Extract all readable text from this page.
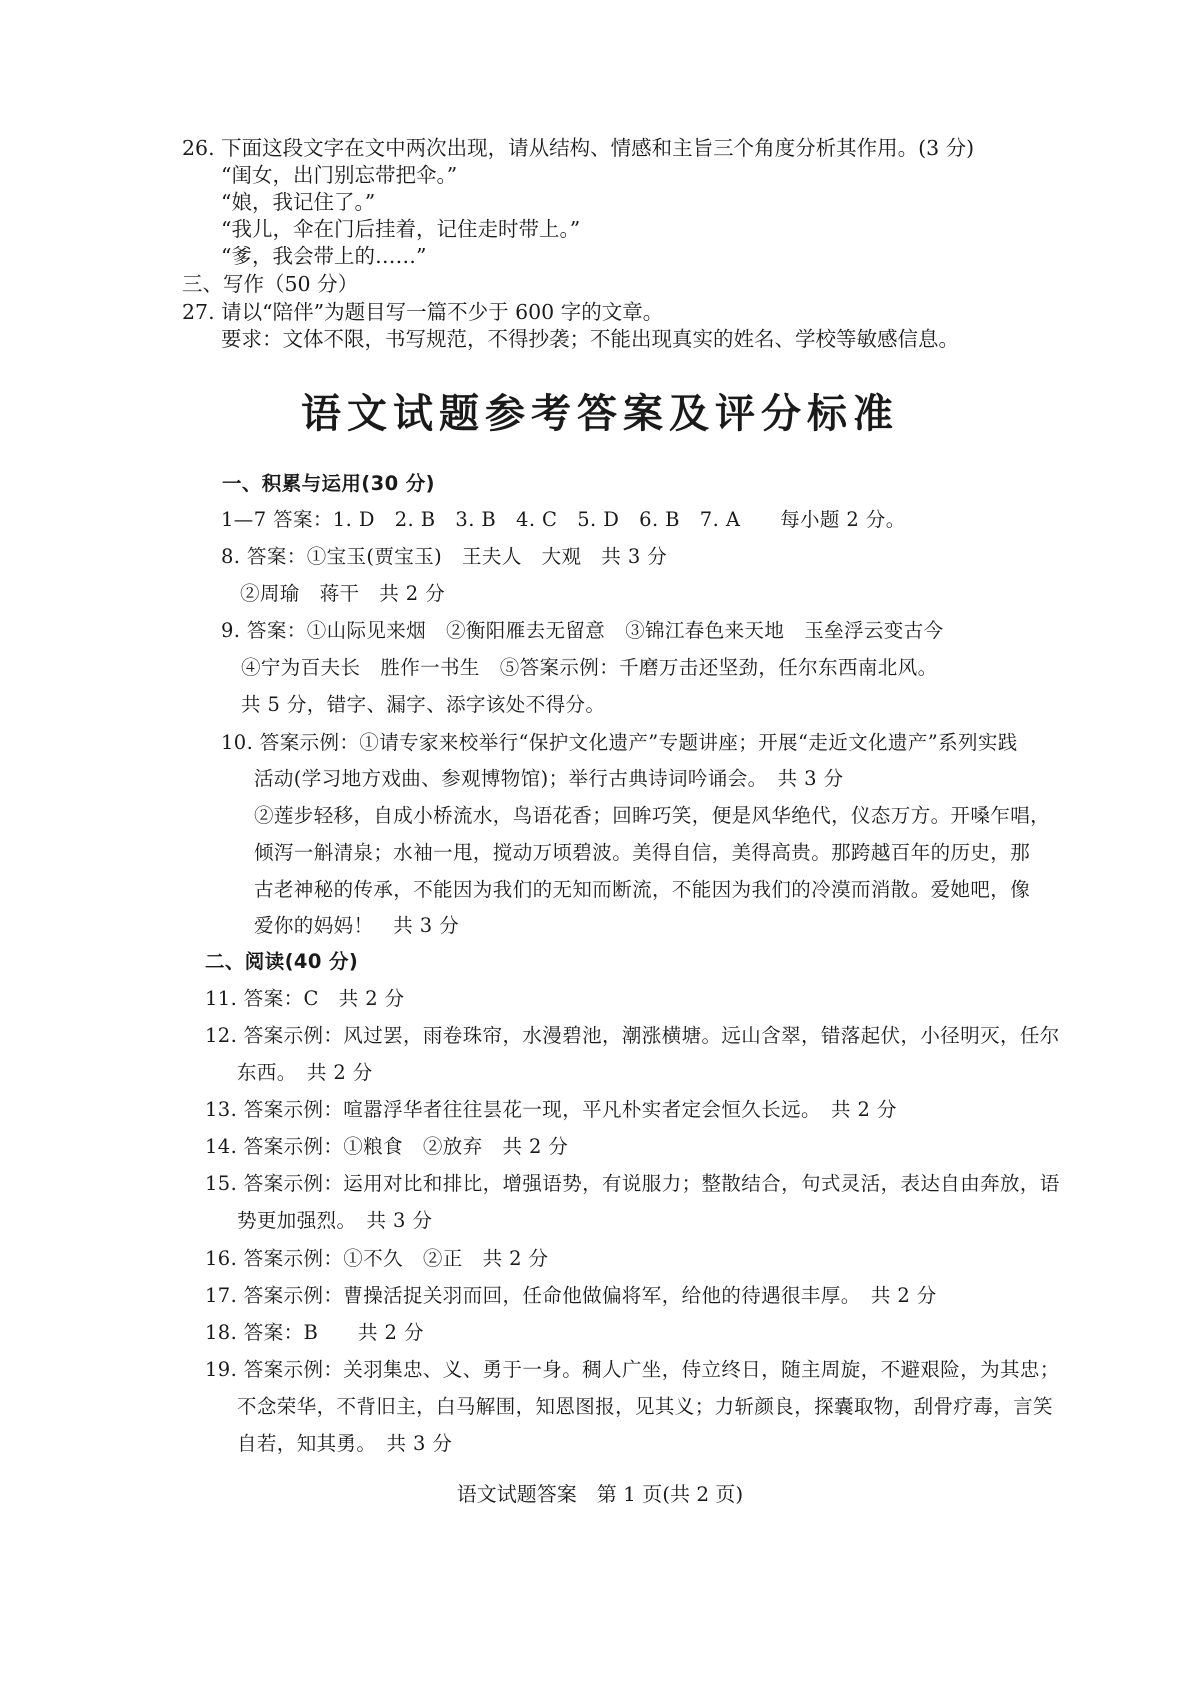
26. 下面这段文字在文中两次出现，请从结构、情感和主旨三个角度分析其作用。(3 分)
“闺女，出门别忘带把伞。”
“娘，我记住了。”
“我儿，伞在门后挂着，记住走时带上。”
“爹，我会带上的……”
三、写作（50 分）
27. 请以“陪伴”为题目写一篇不少于 600 字的文章。
要求：文体不限，书写规范，不得抄袭；不能出现真实的姓名、学校等敏感信息。
语文试题参考答案及评分标准
一、积累与运用(30 分)
1—7 答案：1. D　2. B　3. B　4. C　5. D　6. B　7. A　　每小题 2 分。
8. 答案：①宝玉(贾宝玉)　王夫人　大观　共 3 分
②周瑜　蒋干　共 2 分
9. 答案：①山际见来烟　②衡阳雁去无留意　③锦江春色来天地　玉垒浮云变古今
④宁为百夫长　胜作一书生　⑤答案示例：千磨万击还坚劲，任尔东西南北风。
共 5 分，错字、漏字、添字该处不得分。
10. 答案示例：①请专家来校举行“保护文化遗产”专题讲座；开展“走近文化遗产”系列实践
活动(学习地方戏曲、参观博物馆)；举行古典诗词吟诵会。　共 3 分
②莲步轻移，自成小桥流水，鸟语花香；回眸巧笑，便是风华绝代，仪态万方。开嗓乍唱，
倾泻一斛清泉；水袖一甩，搅动万顷碧波。美得自信，美得高贵。那跨越百年的历史，那
古老神秘的传承，不能因为我们的无知而断流，不能因为我们的冷漠而消散。爱她吧，像
爱你的妈妈！　共 3 分
二、阅读(40 分)
11. 答案：C　共 2 分
12. 答案示例：风过罢，雨卷珠帘，水漫碧池，潮涨横塘。远山含翠，错落起伏，小径明灭，任尔
东西。　共 2 分
13. 答案示例：喧嚣浮华者往往昙花一现，平凡朴实者定会恒久长远。　共 2 分
14. 答案示例：①粮食　②放弃　共 2 分
15. 答案示例：运用对比和排比，增强语势，有说服力；整散结合，句式灵活，表达自由奔放，语
势更加强烈。　共 3 分
16. 答案示例：①不久　②正　共 2 分
17. 答案示例：曹操活捉关羽而回，任命他做偏将军，给他的待遇很丰厚。　共 2 分
18. 答案：B　　共 2 分
19. 答案示例：关羽集忠、义、勇于一身。稠人广坐，侍立终日，随主周旋，不避艰险，为其忠；
不念荣华，不背旧主，白马解围，知恩图报，见其义；力斩颜良，探囊取物，刮骨疗毒，言笑
自若，知其勇。　共 3 分
语文试题答案　第 1 页(共 2 页)
